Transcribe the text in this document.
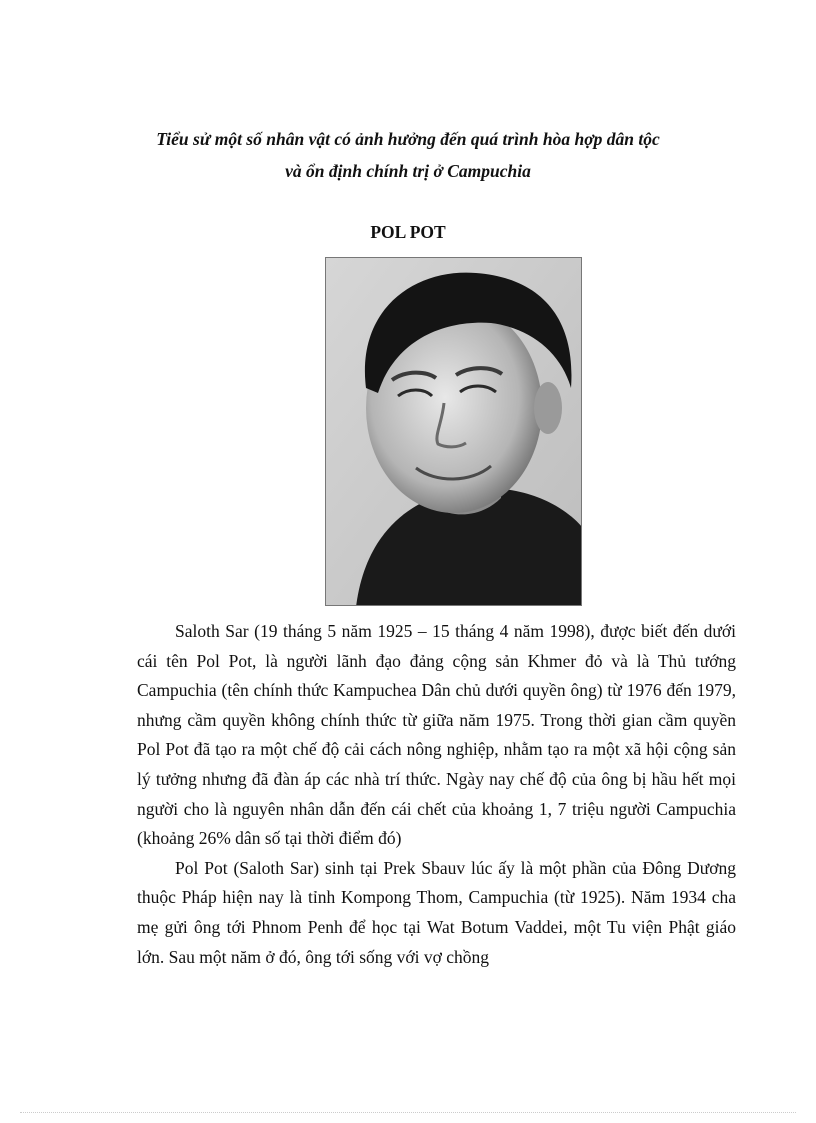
Tiểu sử một số nhân vật có ảnh hưởng đến quá trình hòa hợp dân tộc
và ổn định chính trị ở Campuchia
POL POT

Saloth Sar (19 tháng 5 năm 1925 – 15 tháng 4 năm 1998), được biết đến dưới cái tên Pol Pot, là người lãnh đạo đảng cộng sản Khmer đỏ và là Thủ tướng Campuchia (tên chính thức Kampuchea Dân chủ dưới quyền ông) từ 1976 đến 1979, nhưng cầm quyền không chính thức từ giữa năm 1975. Trong thời gian cầm quyền Pol Pot đã tạo ra một chế độ cải cách nông nghiệp, nhằm tạo ra một xã hội cộng sản lý tưởng nhưng đã đàn áp các nhà trí thức. Ngày nay chế độ của ông bị hầu hết mọi người cho là nguyên nhân dẫn đến cái chết của khoảng 1, 7 triệu người Campuchia (khoảng 26% dân số tại thời điểm đó)

Pol Pot (Saloth Sar) sinh tại Prek Sbauv lúc ấy là một phần của Đông Dương thuộc Pháp hiện nay là tỉnh Kompong Thom, Campuchia (từ 1925). Năm 1934 cha mẹ gửi ông tới Phnom Penh để học tại Wat Botum Vaddei, một Tu viện Phật giáo lớn. Sau một năm ở đó, ông tới sống với vợ chồng
